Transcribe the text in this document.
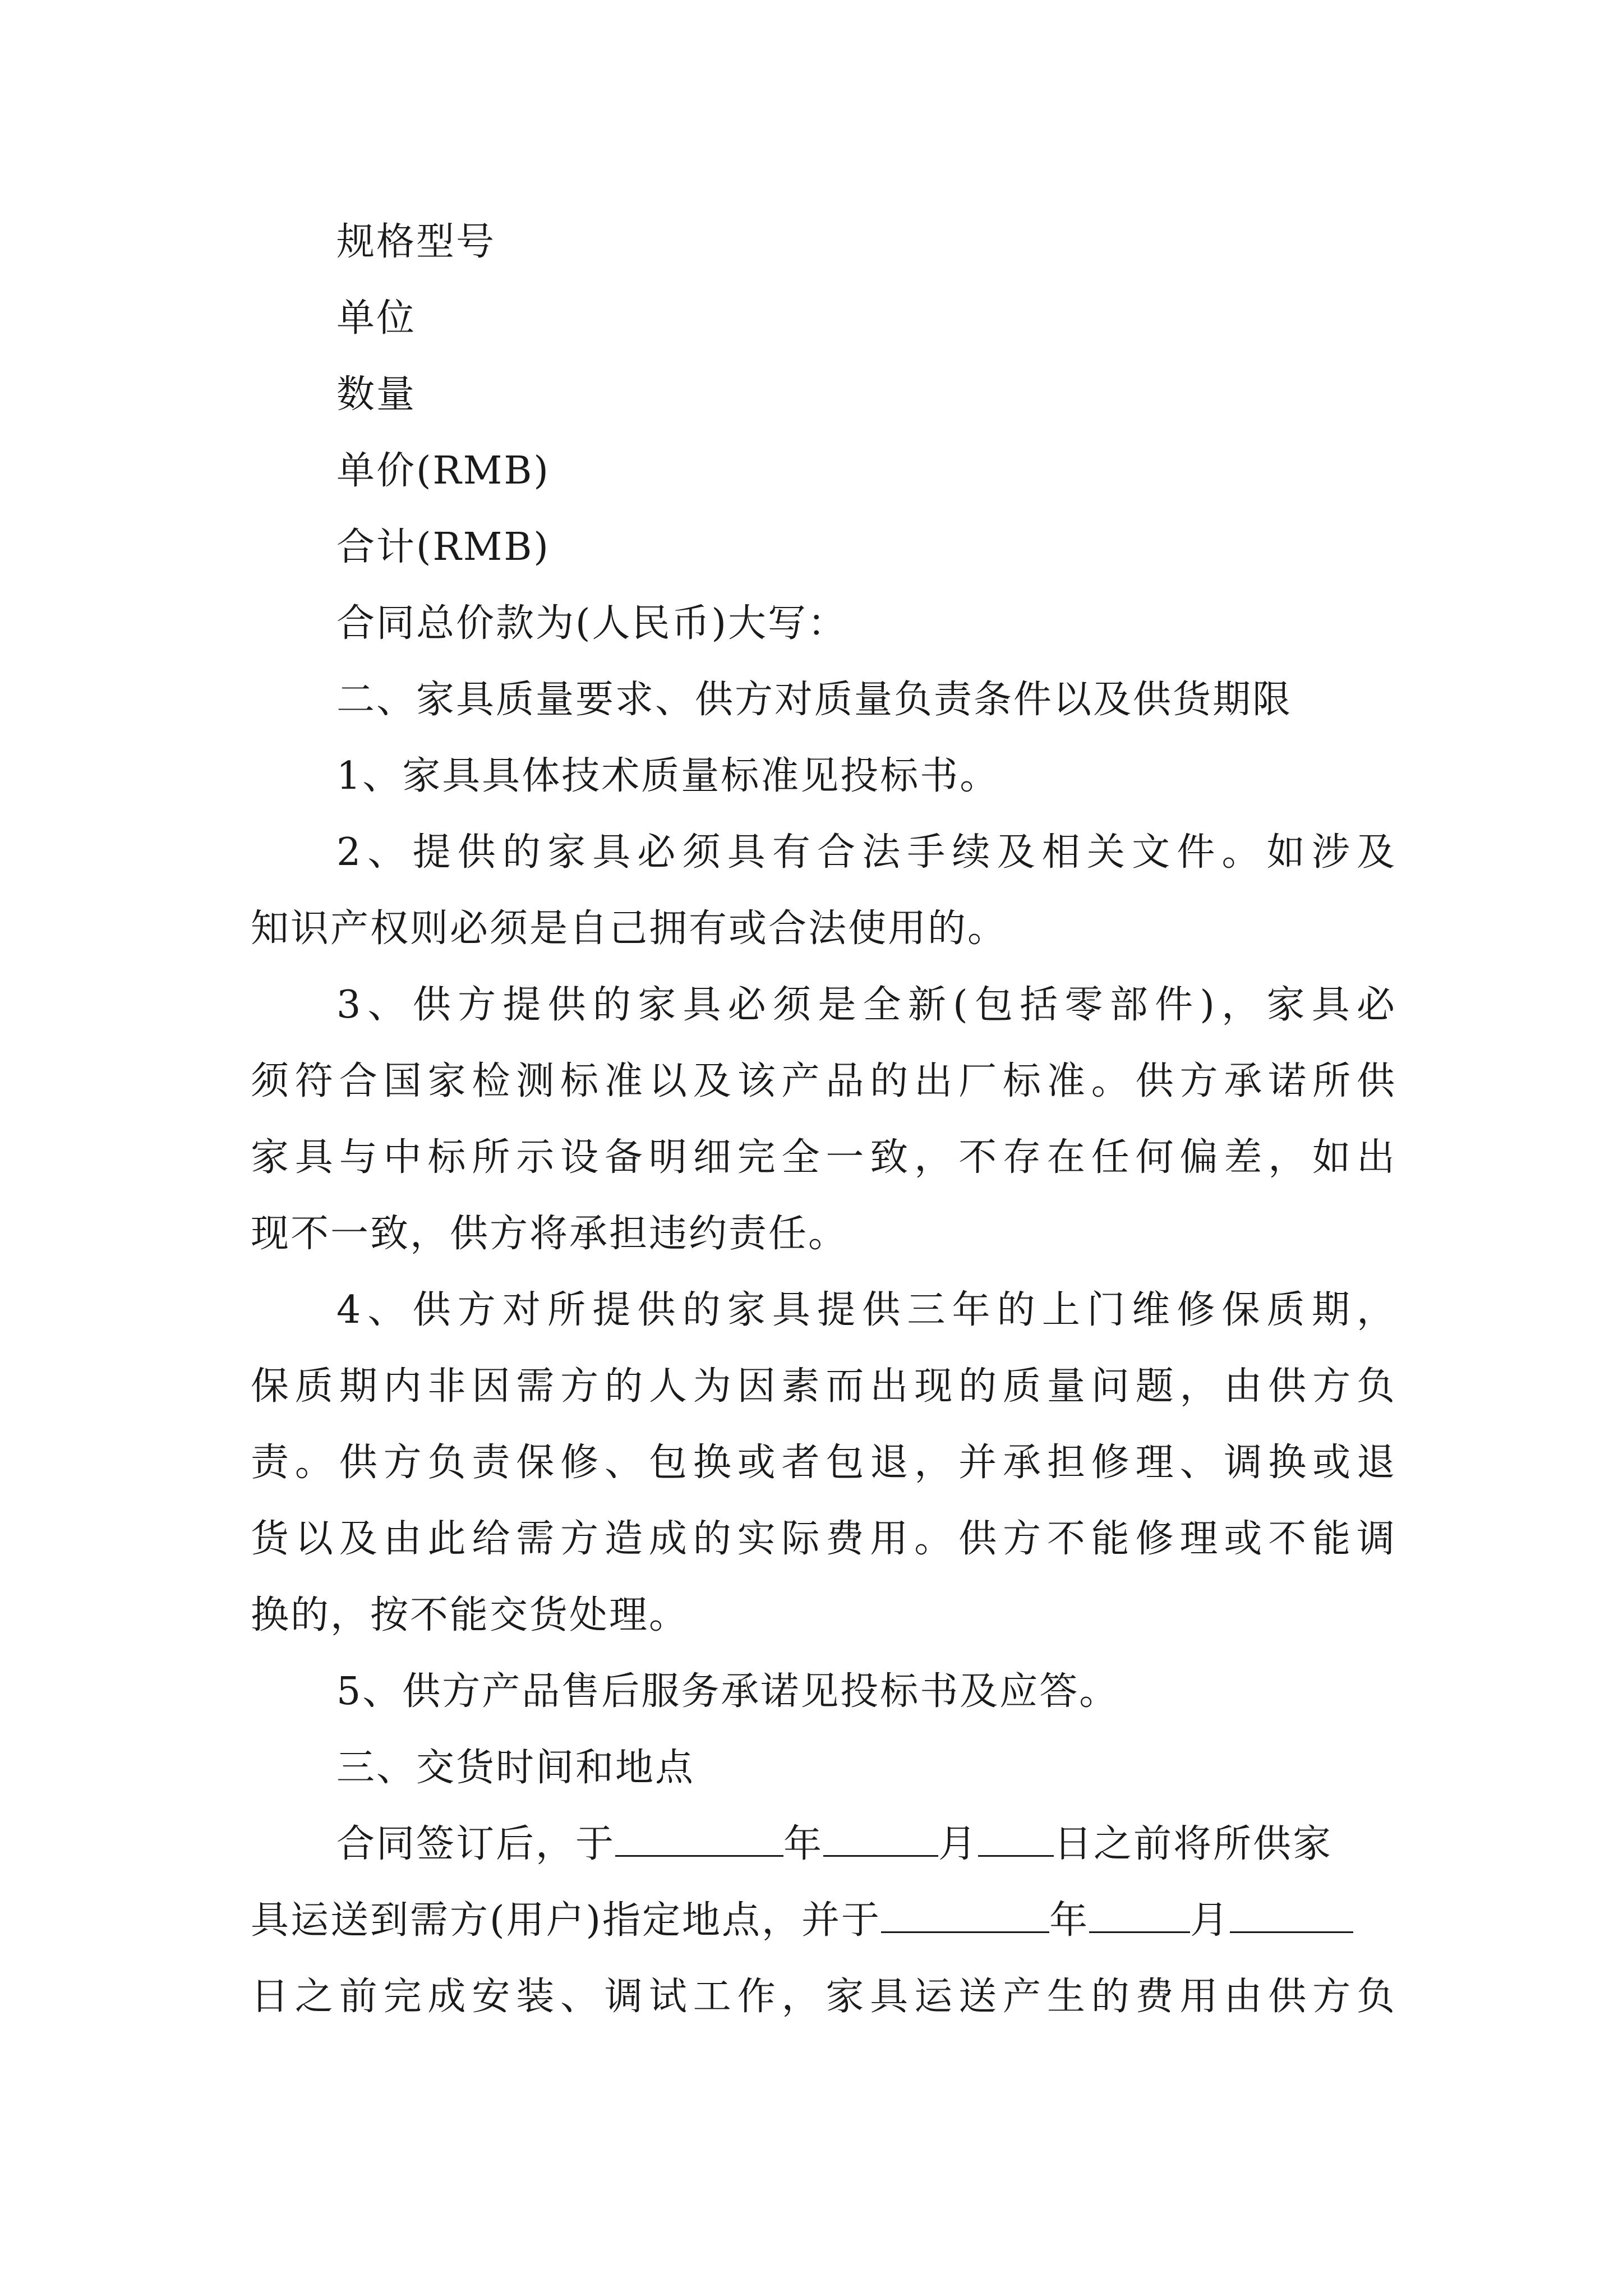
规格型号
单位
数量
单价(RMB)
合计(RMB)
合同总价款为(人民币)大写：
二、家具质量要求、供方对质量负责条件以及供货期限
1、家具具体技术质量标准见投标书。
2、提供的家具必须具有合法手续及相关文件。如涉及
知识产权则必须是自己拥有或合法使用的。
3、供方提供的家具必须是全新(包括零部件)，家具必
须符合国家检测标准以及该产品的出厂标准。供方承诺所供
家具与中标所示设备明细完全一致，不存在任何偏差，如出
现不一致，供方将承担违约责任。
4、供方对所提供的家具提供三年的上门维修保质期，
保质期内非因需方的人为因素而出现的质量问题，由供方负
责。供方负责保修、包换或者包退，并承担修理、调换或退
货以及由此给需方造成的实际费用。供方不能修理或不能调
换的，按不能交货处理。
5、供方产品售后服务承诺见投标书及应答。
三、交货时间和地点
合同签订后，于	年	月 日之前将所供家
具运送到需方(用户)指定地点，并于	年	月
日之前完成安装、调试工作，家具运送产生的费用由供方负
